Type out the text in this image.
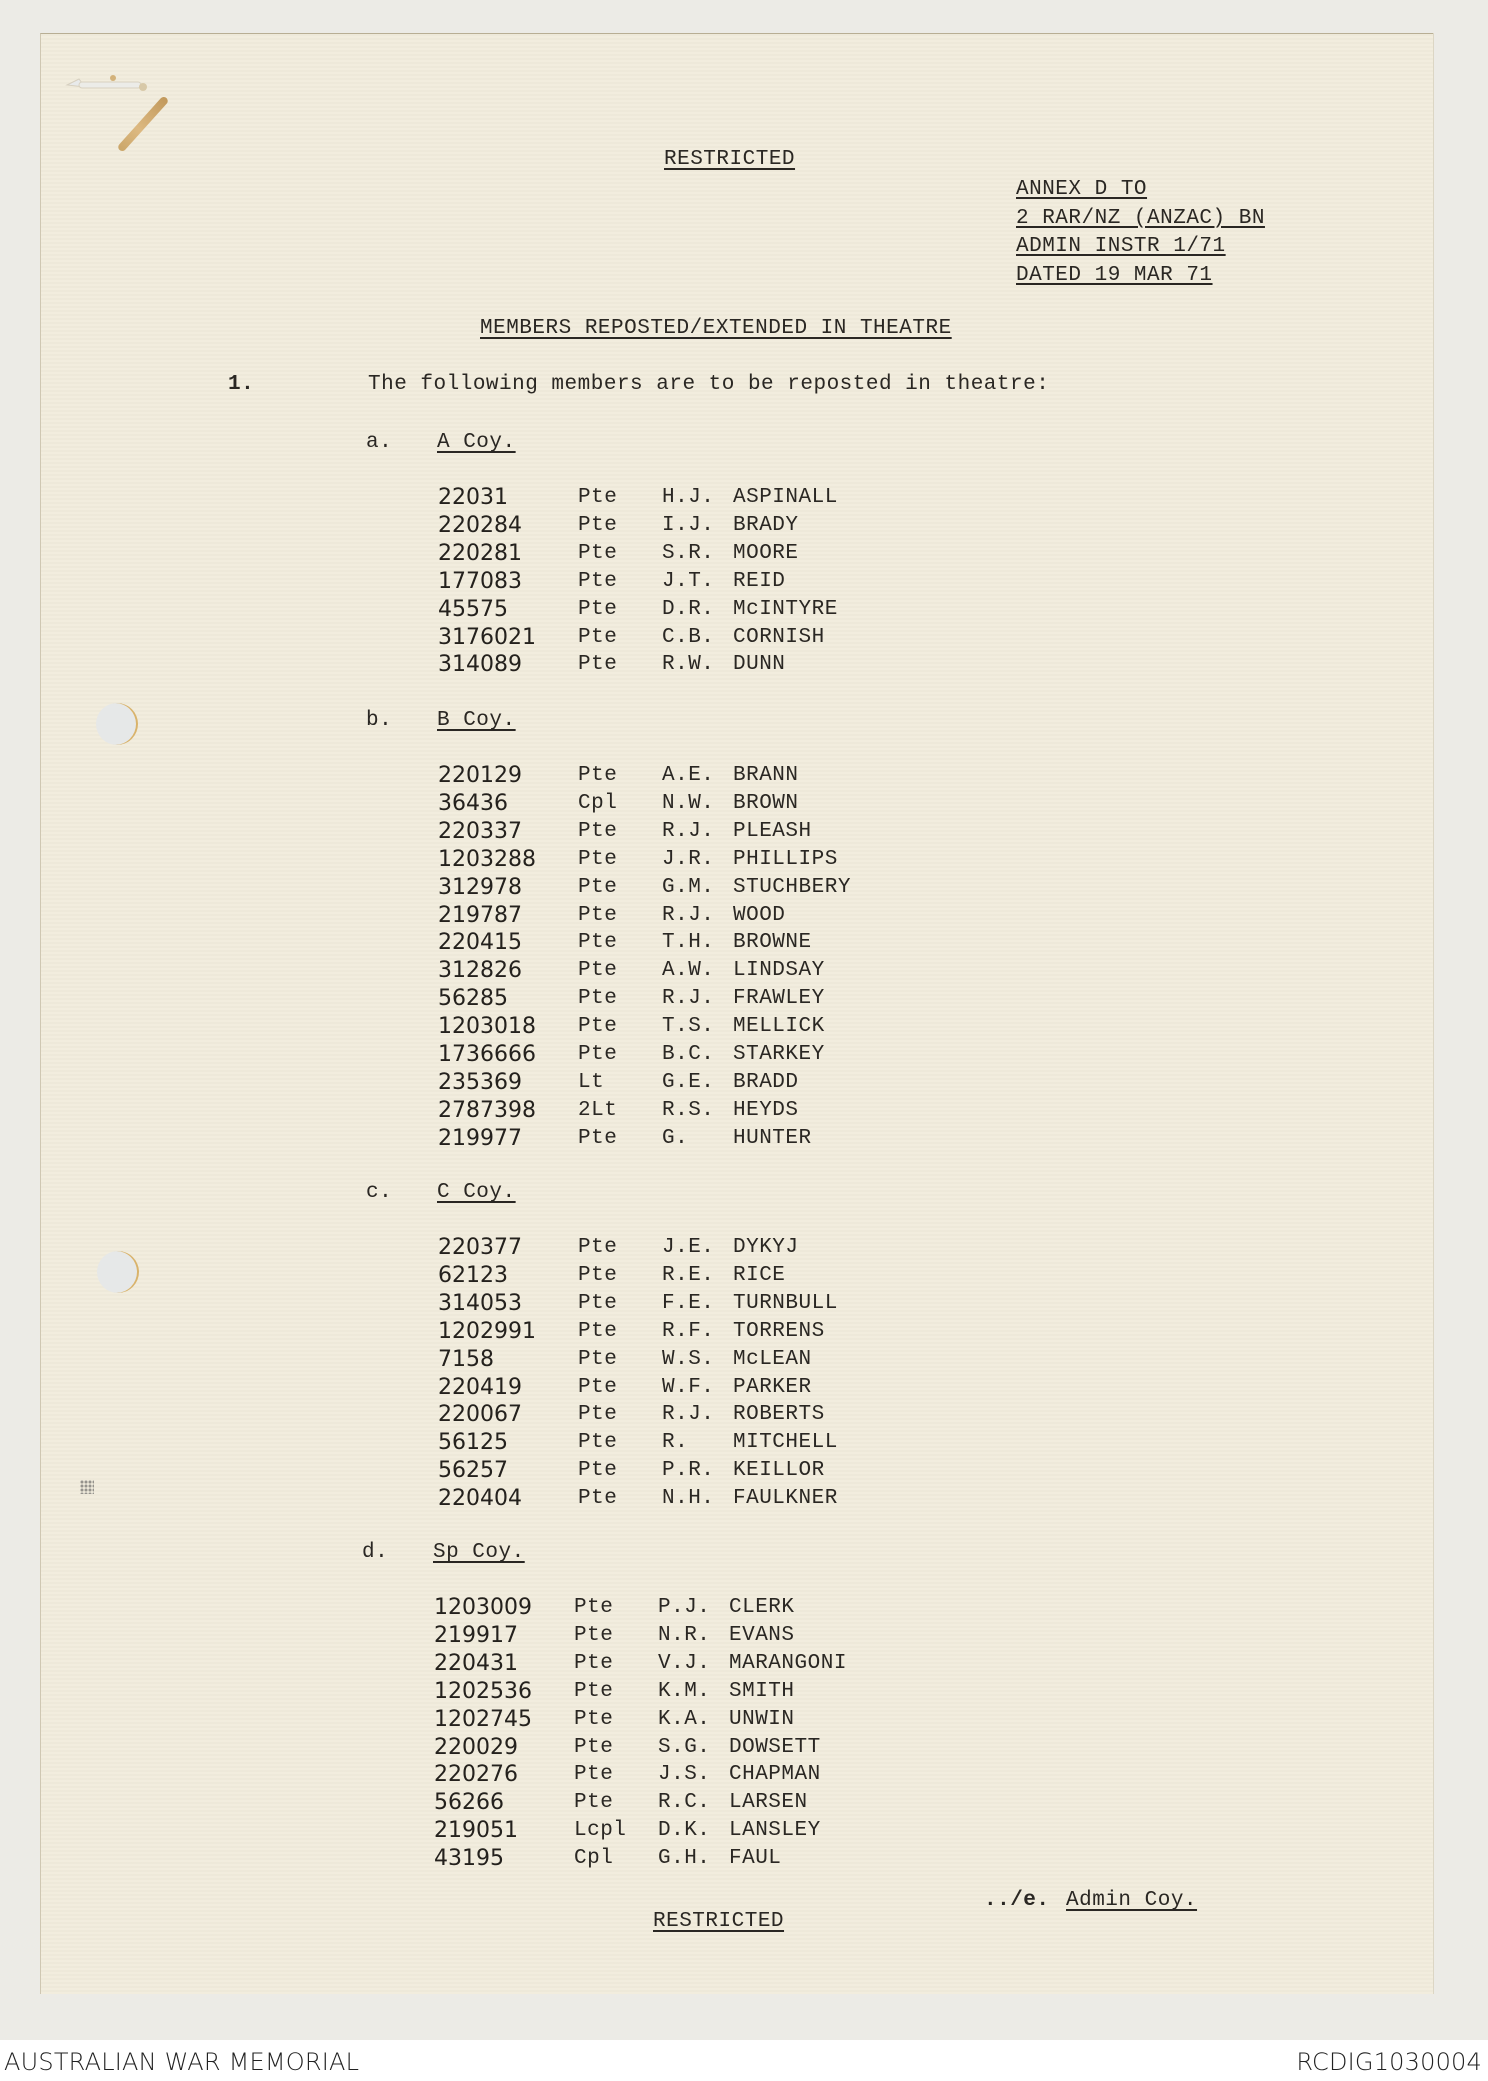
RESTRICTED
ANNEX D TO
2 RAR/NZ (ANZAC) BN
ADMIN INSTR 1/71
DATED 19 MAR 71
MEMBERS REPOSTED/EXTENDED IN THEATRE
1.	The following members are to be reposted in theatre:
a. A Coy.
22031	Pte H.J. ASPINALL
220284	Pte I.J. BRADY
220281	Pte S.R. MOORE
177083	Pte J.T. REID
45575	Pte D.R. McINTYRE
3176021 Pte C.B. CORNISH
314089	Pte R.W. DUNN
b. B Coy.
220129	Pte A.E. BRANN
36436	Cpl N.W. BROWN
220337	Pte R.J. PLEASH
1203288 Pte J.R. PHILLIPS
312978	Pte G.M. STUCHBERY
219787	Pte R.J. WOOD
220415	Pte T.H. BROWNE
312826	Pte A.W. LINDSAY
56285	Pte R.J. FRAWLEY
1203018 Pte T.S. MELLICK
1736666 Pte B.C. STARKEY
235369	Lt	G.E. BRADD
2787398 2Lt R.S. HEYDS
219977	Pte G. HUNTER
c. C Coy.
220377	Pte J.E. DYKYJ
62123	Pte R.E. RICE
314053	Pte F.E. TURNBULL
1202991 Pte R.F. TORRENS
7158	Pte W.S. McLEAN
220419	Pte W.F. PARKER
220067	Pte R.J. ROBERTS
56125	Pte R. MITCHELL
56257	Pte P.R. KEILLOR
220404	Pte N.H. FAULKNER
d. Sp Coy.
1203009 Pte P.J. CLERK
219917	Pte N.R. EVANS
220431	Pte V.J. MARANGONI
1202536 Pte K.M. SMITH
1202745 Pte K.A. UNWIN
220029	Pte S.G. DOWSETT
220276	Pte J.S. CHAPMAN
56266	Pte R.C. LARSEN
219051	Lcpl D.K. LANSLEY
43195	Cpl G.H. FAUL
../e. Admin Coy.
RESTRICTED
AUSTRALIAN WAR MEMORIAL	RCDIG1030004
